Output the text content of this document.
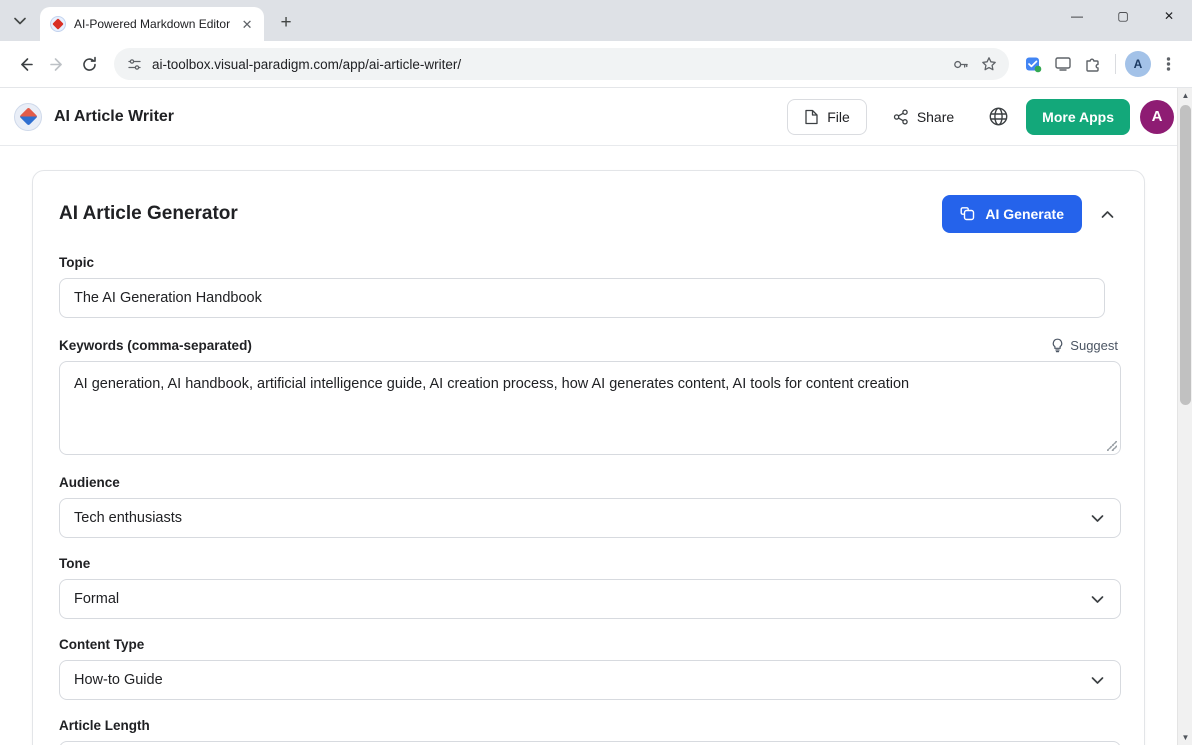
AI-Powered Markdown Editor ✕	+	—	▢	✕
ai-toolbox.visual-paradigm.com/app/ai-article-writer/	A
AI Article Writer	File	Share	More Apps	A
AI Article Generator	AI Generate
Topic
The AI Generation Handbook
Keywords (comma-separated)	Suggest
AI generation, AI handbook, artificial intelligence guide, AI creation process, how AI generates content, AI tools for content creation
Audience
Tech enthusiasts
Tone
Formal
Content Type
How-to Guide
Article Length
▲
▼
